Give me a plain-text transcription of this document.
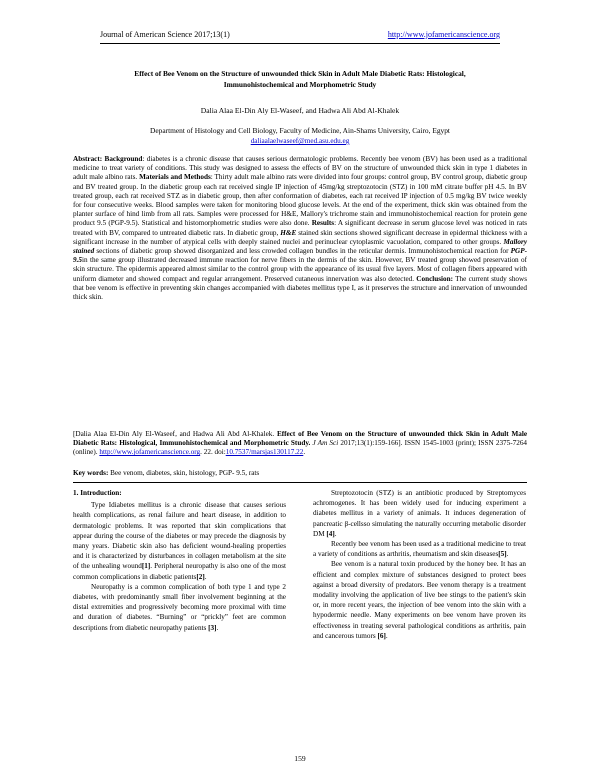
Journal of American Science 2017;13(1)	http://www.jofamericanscience.org
Effect of Bee Venom on the Structure of unwounded thick Skin in Adult Male Diabetic Rats: Histological,
Immunohistochemical and Morphometric Study
Dalia Alaa El-Din Aly El-Waseef, and Hadwa Ali Abd Al-Khalek
Department of Histology and Cell Biology, Faculty of Medicine, Ain-Shams University, Cairo, Egypt
daliaalaelwaseef@med.asu.edu.eg
Abstract: Background: diabetes is a chronic disease that causes serious dermatologic problems. Recently bee venom (BV) has been used as a traditional medicine to treat variety of conditions. This study was designed to assess the effects of BV on the structure of unwounded thick skin in type 1 diabetes in adult male albino rats. Materials and Methods: Thirty adult male albino rats were divided into four groups: control group, BV control group, diabetic group and BV treated group. In the diabetic group each rat received single IP injection of 45mg/kg streptozotocin (STZ) in 100 mM citrate buffer pH 4.5. In BV treated group, each rat received STZ as in diabetic group, then after conformation of diabetes, each rat received IP injection of 0.5 mg/kg BV twice weekly for four consecutive weeks. Blood samples were taken for monitoring blood glucose levels. At the end of the experiment, thick skin was obtained from the planter surface of hind limb from all rats. Samples were processed for H&E, Mallory's trichrome stain and immunohistochemical reaction for protein gene product 9.5 (PGP-9.5). Statistical and histomorphometric studies were also done. Results: A significant decrease in serum glucose level was noticed in rats treated with BV, compared to untreated diabetic rats. In diabetic group, H&E stained skin sections showed significant decrease in epidermal thickness with a significant increase in the number of atypical cells with deeply stained nuclei and perinuclear cytoplasmic vacuolation, compared to other groups. Mallory stained sections of diabetic group showed disorganized and less crowded collagen bundles in the reticular dermis. Immunohistochemical reaction for PGP-9.5in the same group illustrated decreased immune reaction for nerve fibers in the dermis of the skin. However, BV treated group showed preservation of skin structure. The epidermis appeared almost similar to the control group with the appearance of its usual five layers. Most of collagen fibers appeared with uniform diameter and showed compact and regular arrangement. Preserved cutaneous innervation was also detected. Conclusion: The current study shows that bee venom is effective in preventing skin changes accompanied with diabetes mellitus type I, as it preserves the structure and innervation of unwounded thick skin.
[Dalia Alaa El-Din Aly El-Waseef, and Hadwa Ali Abd Al-Khalek. Effect of Bee Venom on the Structure of unwounded thick Skin in Adult Male Diabetic Rats: Histological, Immunohistochemical and Morphometric Study. J Am Sci 2017;13(1):159-166]. ISSN 1545-1003 (print); ISSN 2375-7264 (online). http://www.jofamericanscience.org. 22. doi:10.7537/marsjas130117.22.
Key words: Bee venom, diabetes, skin, histology, PGP- 9.5, rats
1. Introduction:

Type Idiabetes mellitus is a chronic disease that causes serious health complications, as renal failure and heart disease, in addition to dermatologic problems. It was reported that skin complications that appear during the course of the diabetes or may precede the diagnosis by many years. Diabetic skin also has deficient wound-healing properties and it is characterized by disturbances in collagen metabolism at the site of the unhealing wound[1]. Peripheral neuropathy is also one of the most common complications in diabetic patients[2].

Neuropathy is a common complication of both type 1 and type 2 diabetes, with predominantly small fiber involvement beginning at the distal extremities and progressively becoming more proximal with time and duration of diabetes. “Burning” or “prickly” feet are common descriptions from diabetic neuropathy patients [3].

Streptozotocin (STZ) is an antibiotic produced by Streptomyces achromogenes. It has been widely used for inducing experiment a diabetes mellitus in a variety of animals. It induces degeneration of pancreatic β-cellsso simulating the naturally occurring metabolic disorder DM [4].

Recently bee venom has been used as a traditional medicine to treat a variety of conditions as arthritis, rheumatism and skin diseases[5].

Bee venom is a natural toxin produced by the honey bee. It has an efficient and complex mixture of substances designed to protect bees against a broad diversity of predators. Bee venom therapy is a treatment modality involving the application of live bee stings to the patient's skin or, in more recent years, the injection of bee venom into the skin with a hypodermic needle. Many experiments on bee venom have proven its effectiveness in treating several pathological conditions as arthritis, pain and cancerous tumors [6].

159
